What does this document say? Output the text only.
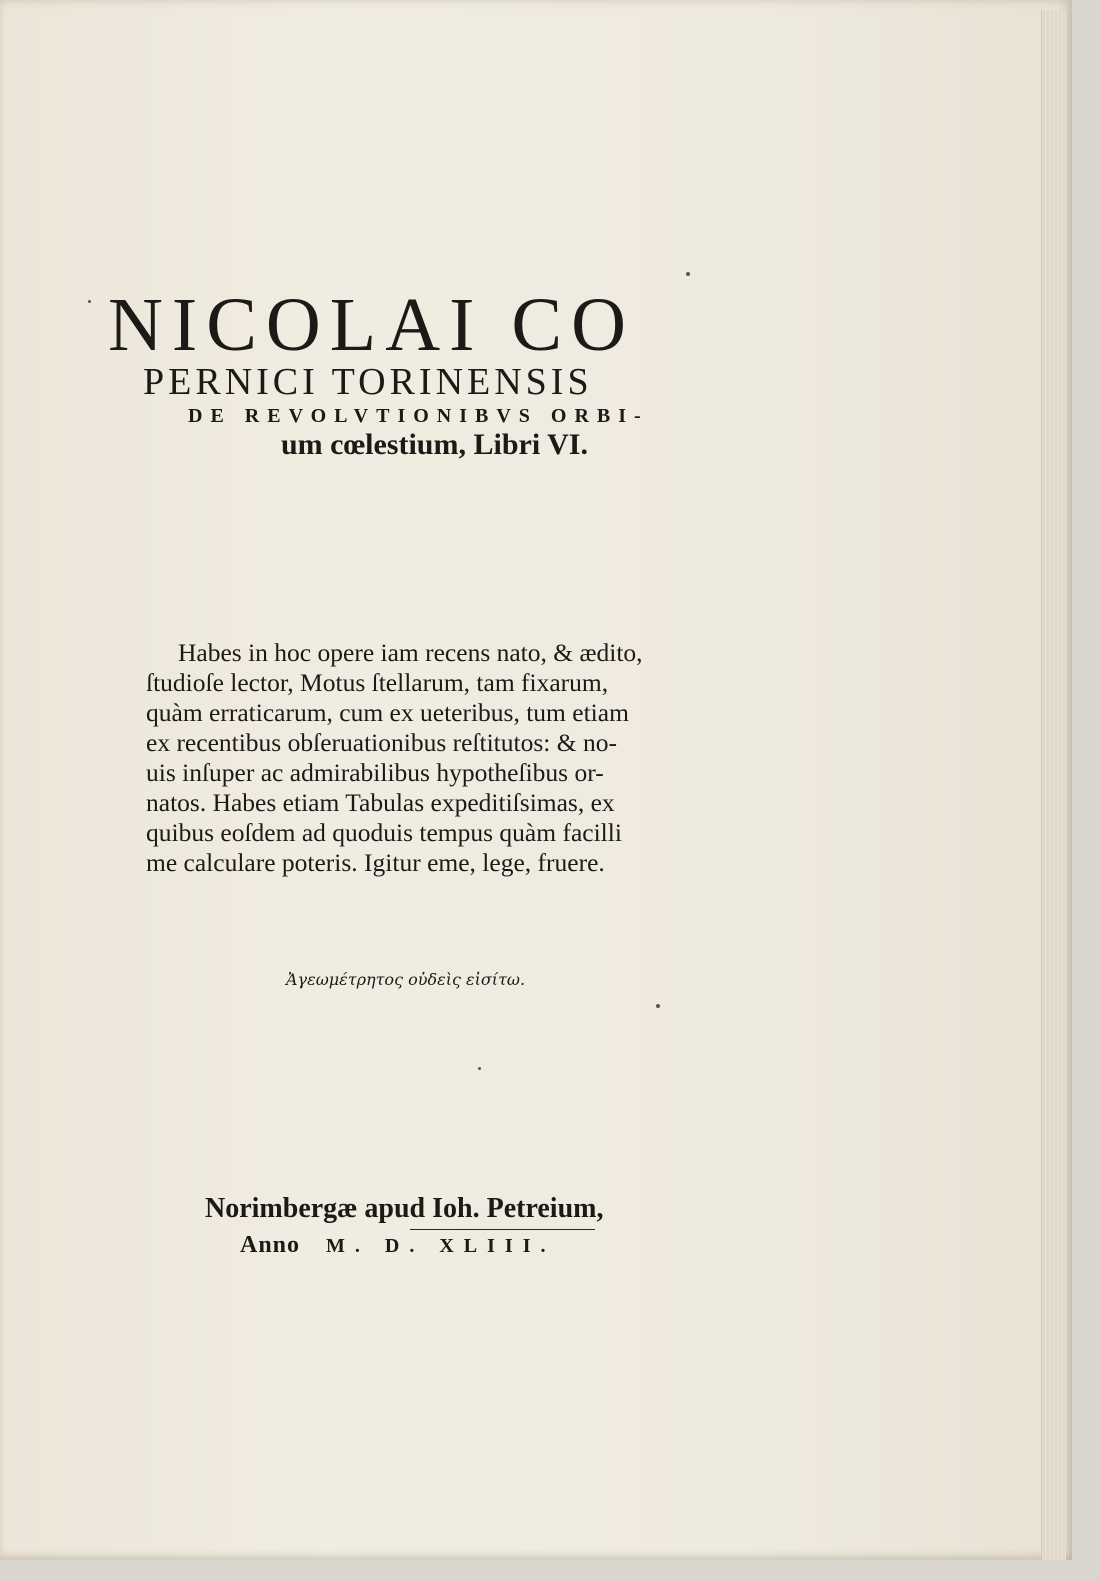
NICOLAI CO
PERNICI TORINENSIS
DE REVOLVTIONIBVS ORBI-
um cœlestium, Libri VI.
Habes in hoc opere iam recens nato, & ædito,
ſtudioſe lector, Motus ſtellarum, tam fixarum,
quàm erraticarum, cum ex ueteribus, tum etiam
ex recentibus obſeruationibus reſtitutos: & no-
uis inſuper ac admirabilibus hypotheſibus or-
natos. Habes etiam Tabulas expeditiſsimas, ex
quibus eoſdem ad quoduis tempus quàm facilli
me calculare poteris. Igitur eme, lege, fruere.
Ἀγεωμέτρητος οὐδεὶς εἰσίτω.
Norimbergæ apud Ioh. Petreium,
Anno M. D. XLIII.
